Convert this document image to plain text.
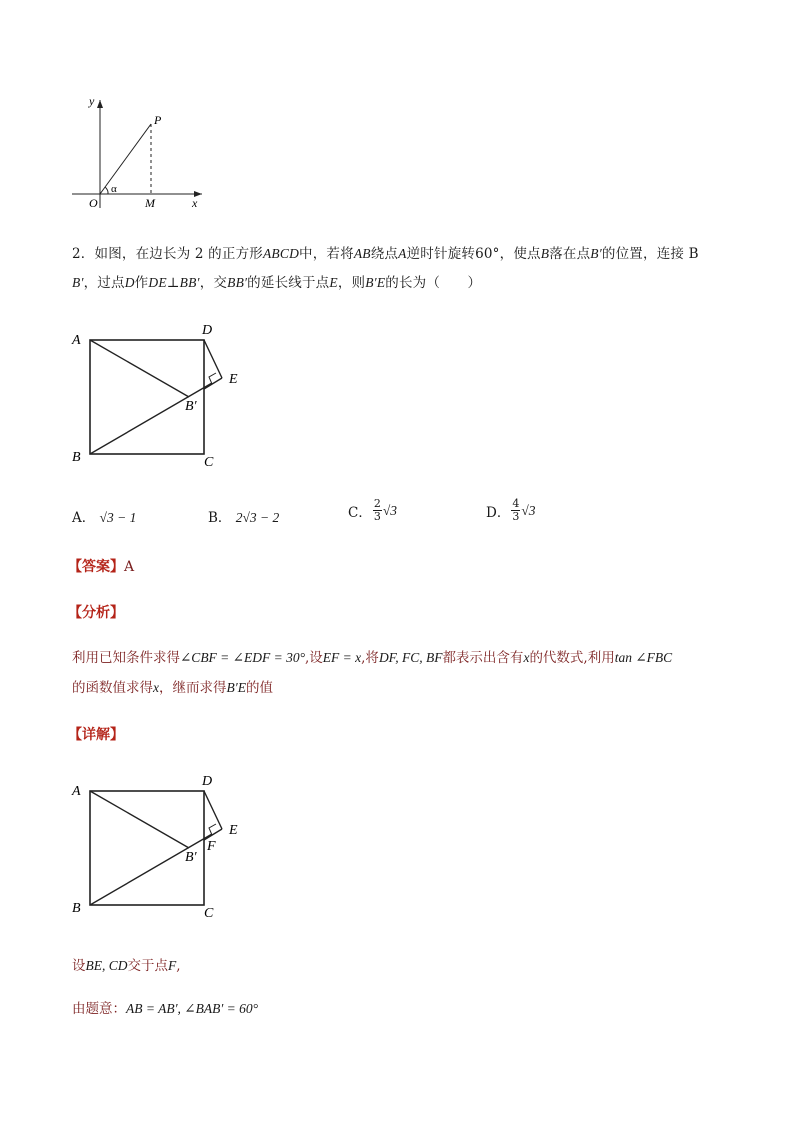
y
x
O
P
M
α
2．如图，在边长为 2 的正方形ABCD中，若将AB绕点A逆时针旋转60°，使点B落在点B′的位置，连接 B
B′，过点D作DE⊥BB′，交BB′的延长线于点E，则B′E的长为（　　）
A
B	C
D
E
B′
A． √3 − 1	B． 2√3 − 2	C． $\frac{2}{3} √3$	D． $\frac{4}{3} √3$
【答案】A
【分析】
利用已知条件求得∠CBF = ∠EDF = 30°,设EF = x,将DF, FC, BF都表示出含有x的代数式,利用tan ∠FBC
的函数值求得x，继而求得B′E的值
【详解】
A
B	C
D
E
F
B′
设BE, CD交于点F,
由题意：AB = AB′, ∠BAB′ = 60°
